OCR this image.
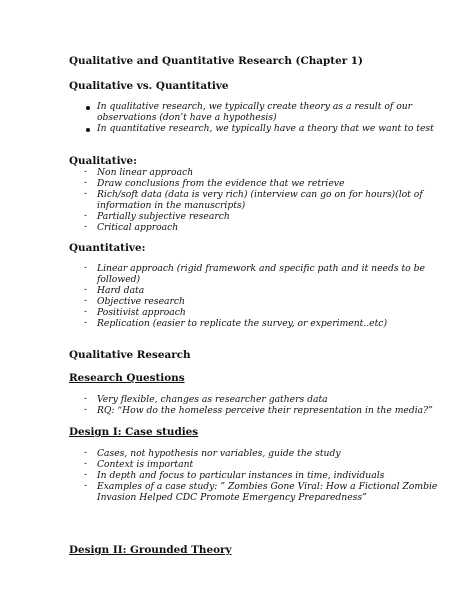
Qualitative and Quantitative Research (Chapter 1)
Qualitative vs. Quantitative
In qualitative research, we typically create theory as a result of our
observations (don’t have a hypothesis)
In quantitative research, we typically have a theory that we want to test
Qualitative:
- Non linear approach
- Draw conclusions from the evidence that we retrieve
- Rich/soft data (data is very rich) (interview can go on for hours)(lot of
information in the manuscripts)
- Partially subjective research
- Critical approach
Quantitative:
- Linear approach (rigid framework and specific path and it needs to be
followed)
- Hard data
- Objective research
- Positivist approach
- Replication (easier to replicate the survey, or experiment..etc)
Qualitative Research
Research Questions
- Very flexible, changes as researcher gathers data
- RQ: “How do the homeless perceive their representation in the media?”
Design I: Case studies
- Cases, not hypothesis nor variables, guide the study
- Context is important
- In depth and focus to particular instances in time, individuals
- Examples of a case study: ” Zombies Gone Viral: How a Fictional Zombie
Invasion Helped CDC Promote Emergency Preparedness”
Design II: Grounded Theory
